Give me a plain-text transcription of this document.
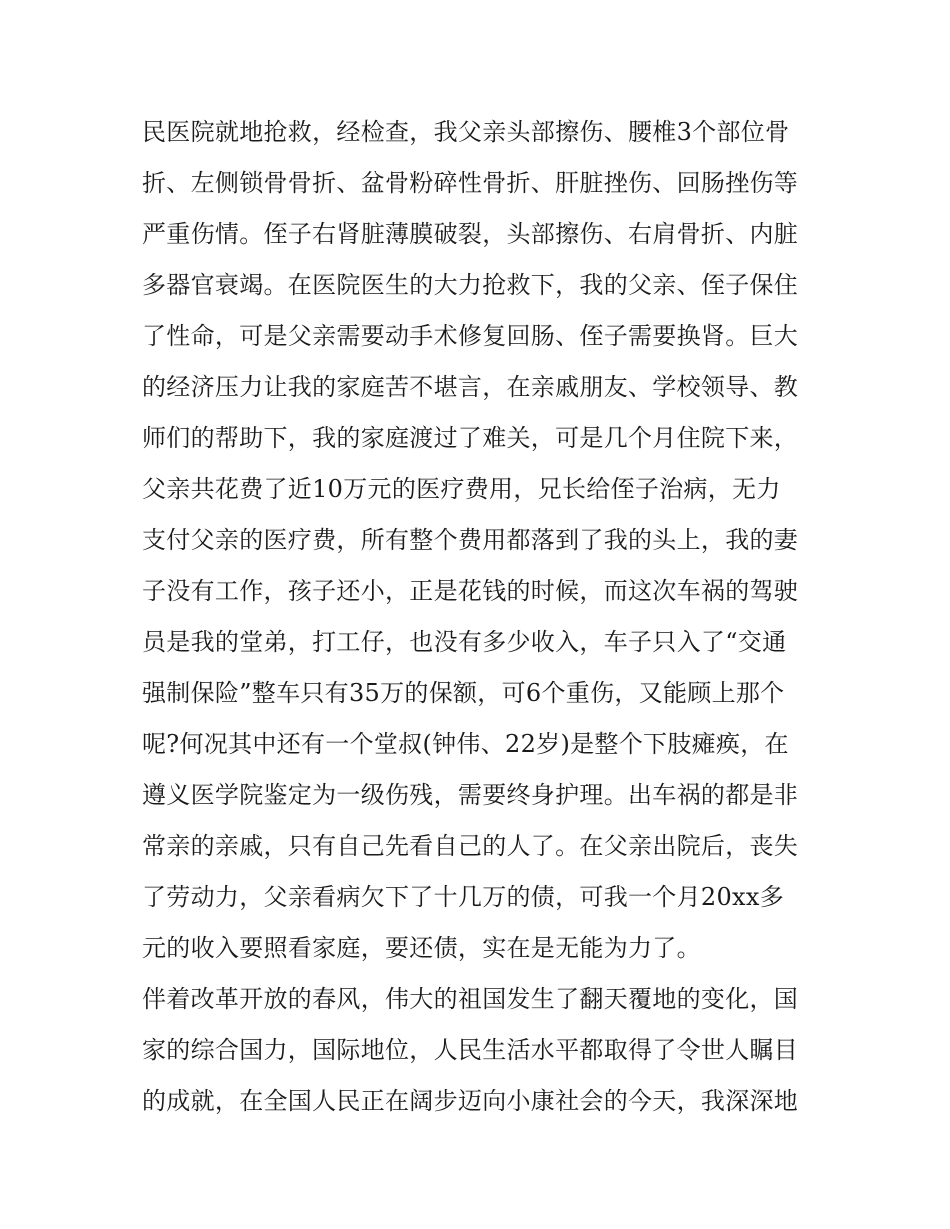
民医院就地抢救，经检查，我父亲头部擦伤、腰椎3个部位骨
折、左侧锁骨骨折、盆骨粉碎性骨折、肝脏挫伤、回肠挫伤等
严重伤情。侄子右肾脏薄膜破裂，头部擦伤、右肩骨折、内脏
多器官衰竭。在医院医生的大力抢救下，我的父亲、侄子保住
了性命，可是父亲需要动手术修复回肠、侄子需要换肾。巨大
的经济压力让我的家庭苦不堪言，在亲戚朋友、学校领导、教
师们的帮助下，我的家庭渡过了难关，可是几个月住院下来，
父亲共花费了近10万元的医疗费用，兄长给侄子治病，无力
支付父亲的医疗费，所有整个费用都落到了我的头上，我的妻
子没有工作，孩子还小，正是花钱的时候，而这次车祸的驾驶
员是我的堂弟，打工仔，也没有多少收入，车子只入了“交通
强制保险”整车只有35万的保额，可6个重伤，又能顾上那个
呢?何况其中还有一个堂叔(钟伟、22岁)是整个下肢瘫痪，在
遵义医学院鉴定为一级伤残，需要终身护理。出车祸的都是非
常亲的亲戚，只有自己先看自己的人了。在父亲出院后，丧失
了劳动力，父亲看病欠下了十几万的债，可我一个月20xx多
元的收入要照看家庭，要还债，实在是无能为力了。
伴着改革开放的春风，伟大的祖国发生了翻天覆地的变化，国
家的综合国力，国际地位，人民生活水平都取得了令世人瞩目
的成就，在全国人民正在阔步迈向小康社会的今天，我深深地
